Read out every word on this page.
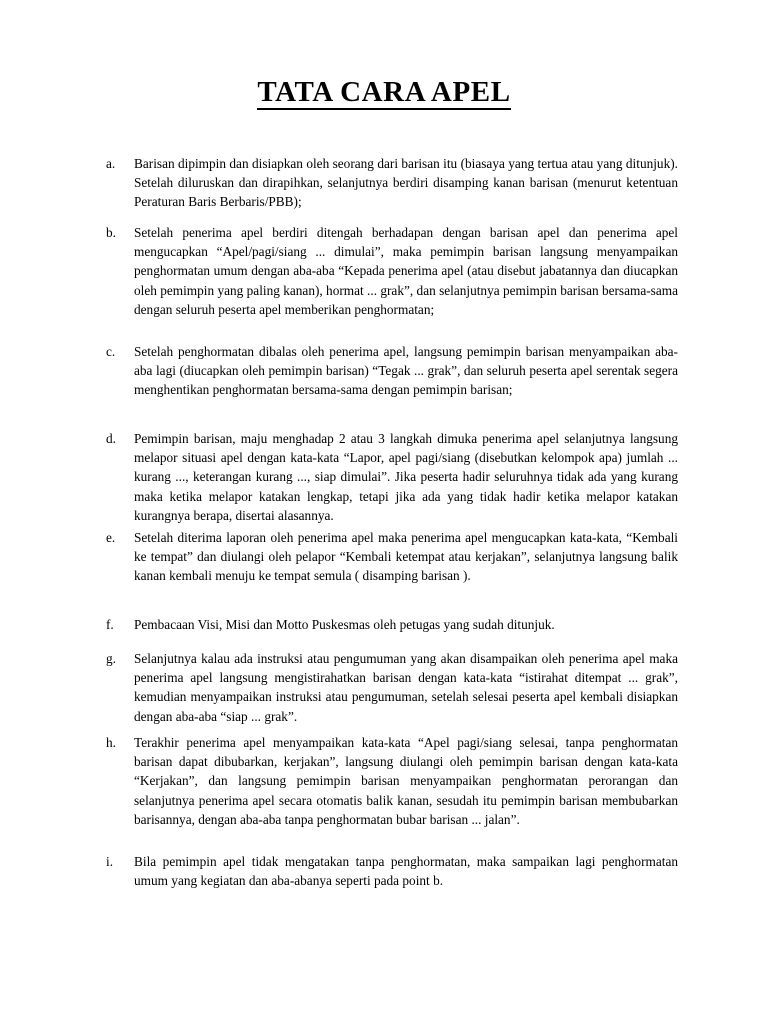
TATA CARA APEL
a.	Barisan dipimpin dan disiapkan oleh seorang dari barisan itu (biasaya yang tertua atau yang ditunjuk). Setelah diluruskan dan dirapihkan, selanjutnya berdiri disamping kanan barisan (menurut ketentuan Peraturan Baris Berbaris/PBB);
b.	Setelah penerima apel berdiri ditengah berhadapan dengan barisan apel dan penerima apel mengucapkan “Apel/pagi/siang ... dimulai”, maka pemimpin barisan langsung menyampaikan penghormatan umum dengan aba-aba “Kepada penerima apel (atau disebut jabatannya dan diucapkan oleh pemimpin yang paling kanan), hormat ... grak”, dan selanjutnya pemimpin barisan bersama-sama dengan seluruh peserta apel memberikan penghormatan;
c.	Setelah penghormatan dibalas oleh penerima apel, langsung pemimpin barisan menyampaikan aba-aba lagi (diucapkan oleh pemimpin barisan) “Tegak ... grak”, dan seluruh peserta apel serentak segera menghentikan penghormatan bersama-sama dengan pemimpin barisan;
d.	Pemimpin barisan, maju menghadap 2 atau 3 langkah dimuka penerima apel selanjutnya langsung melapor situasi apel dengan kata-kata “Lapor, apel pagi/siang (disebutkan kelompok apa) jumlah ... kurang ..., keterangan kurang ..., siap dimulai”. Jika peserta hadir seluruhnya tidak ada yang kurang maka ketika melapor katakan lengkap, tetapi jika ada yang tidak hadir ketika melapor katakan kurangnya berapa, disertai alasannya.
e.	Setelah diterima laporan oleh penerima apel maka penerima apel mengucapkan kata-kata, “Kembali ke tempat” dan diulangi oleh pelapor “Kembali ketempat atau kerjakan”, selanjutnya langsung balik kanan kembali menuju ke tempat semula ( disamping barisan ).
f.	Pembacaan Visi, Misi dan Motto Puskesmas oleh petugas yang sudah ditunjuk.
g.	Selanjutnya kalau ada instruksi atau pengumuman yang akan disampaikan oleh penerima apel maka penerima apel langsung mengistirahatkan barisan dengan kata-kata “istirahat ditempat ... grak”, kemudian menyampaikan instruksi atau pengumuman, setelah selesai peserta apel kembali disiapkan dengan aba-aba “siap ... grak”.
h.	Terakhir penerima apel menyampaikan kata-kata “Apel pagi/siang selesai, tanpa penghormatan barisan dapat dibubarkan, kerjakan”, langsung diulangi oleh pemimpin barisan dengan kata-kata “Kerjakan”, dan langsung pemimpin barisan menyampaikan penghormatan perorangan dan selanjutnya penerima apel secara otomatis balik kanan, sesudah itu pemimpin barisan membubarkan barisannya, dengan aba-aba tanpa penghormatan bubar barisan ... jalan”.
i.	Bila pemimpin apel tidak mengatakan tanpa penghormatan, maka sampaikan lagi penghormatan umum yang kegiatan dan aba-abanya seperti pada point b.
